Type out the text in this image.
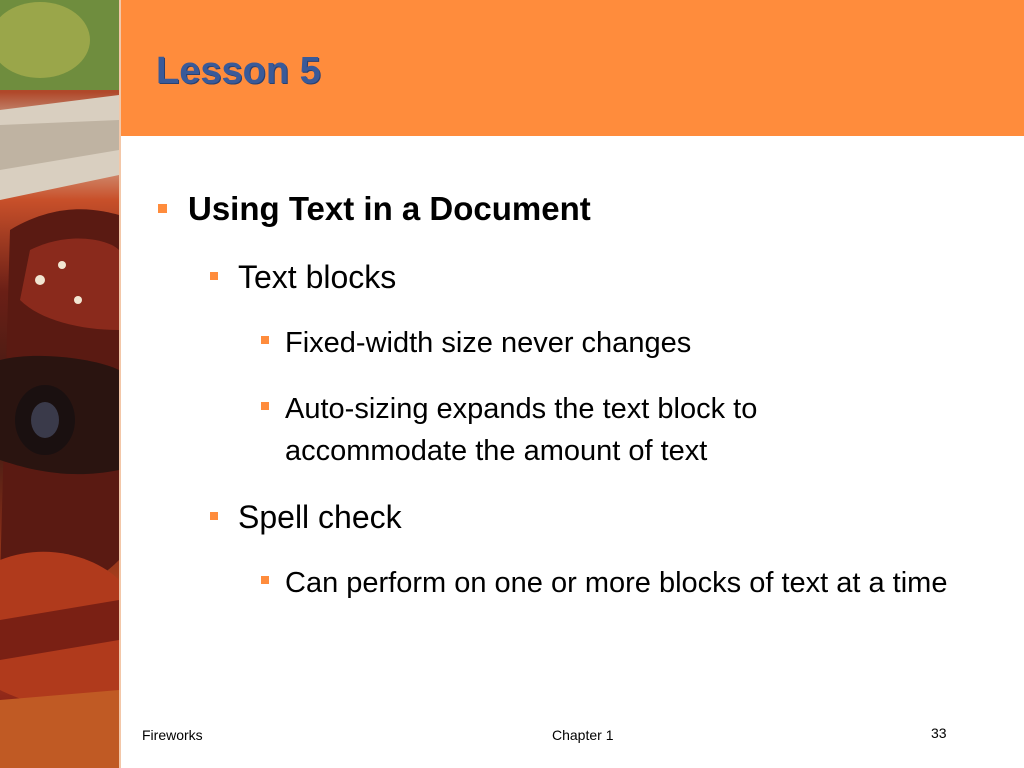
Lesson 5
Using Text in a Document
Text blocks
Fixed-width size never changes
Auto-sizing expands the text block to accommodate the amount of text
Spell check
Can perform on one or more blocks of text at a time
Fireworks	Chapter 1	33
